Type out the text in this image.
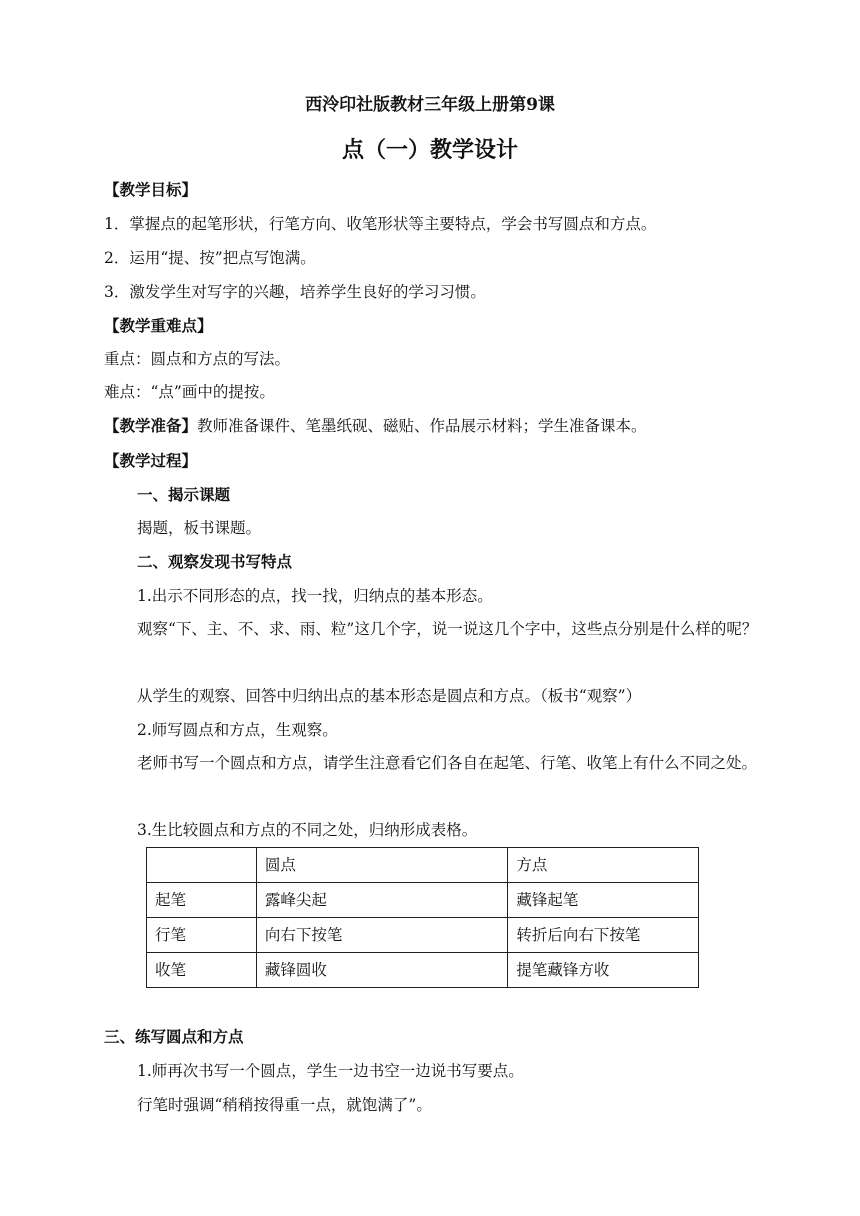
西泠印社版教材三年级上册第9课
点（一）教学设计
【教学目标】
1．掌握点的起笔形状，行笔方向、收笔形状等主要特点，学会书写圆点和方点。
2．运用“提、按”把点写饱满。
3．激发学生对写字的兴趣，培养学生良好的学习习惯。
【教学重难点】
重点：圆点和方点的写法。
难点：“点”画中的提按。
【教学准备】教师准备课件、笔墨纸砚、磁贴、作品展示材料；学生准备课本。
【教学过程】
一、揭示课题
揭题，板书课题。
二、观察发现书写特点
1.出示不同形态的点，找一找，归纳点的基本形态。
观察“下、主、不、求、雨、粒”这几个字，说一说这几个字中，这些点分别是什么样的呢？
从学生的观察、回答中归纳出点的基本形态是圆点和方点。（板书“观察”）
2.师写圆点和方点，生观察。
老师书写一个圆点和方点，请学生注意看它们各自在起笔、行笔、收笔上有什么不同之处。
3.生比较圆点和方点的不同之处，归纳形成表格。
	圆点	方点
起笔	露峰尖起	藏锋起笔
行笔	向右下按笔	转折后向右下按笔
收笔	藏锋圆收	提笔藏锋方收
三、练写圆点和方点
1.师再次书写一个圆点，学生一边书空一边说书写要点。
行笔时强调“稍稍按得重一点，就饱满了”。
